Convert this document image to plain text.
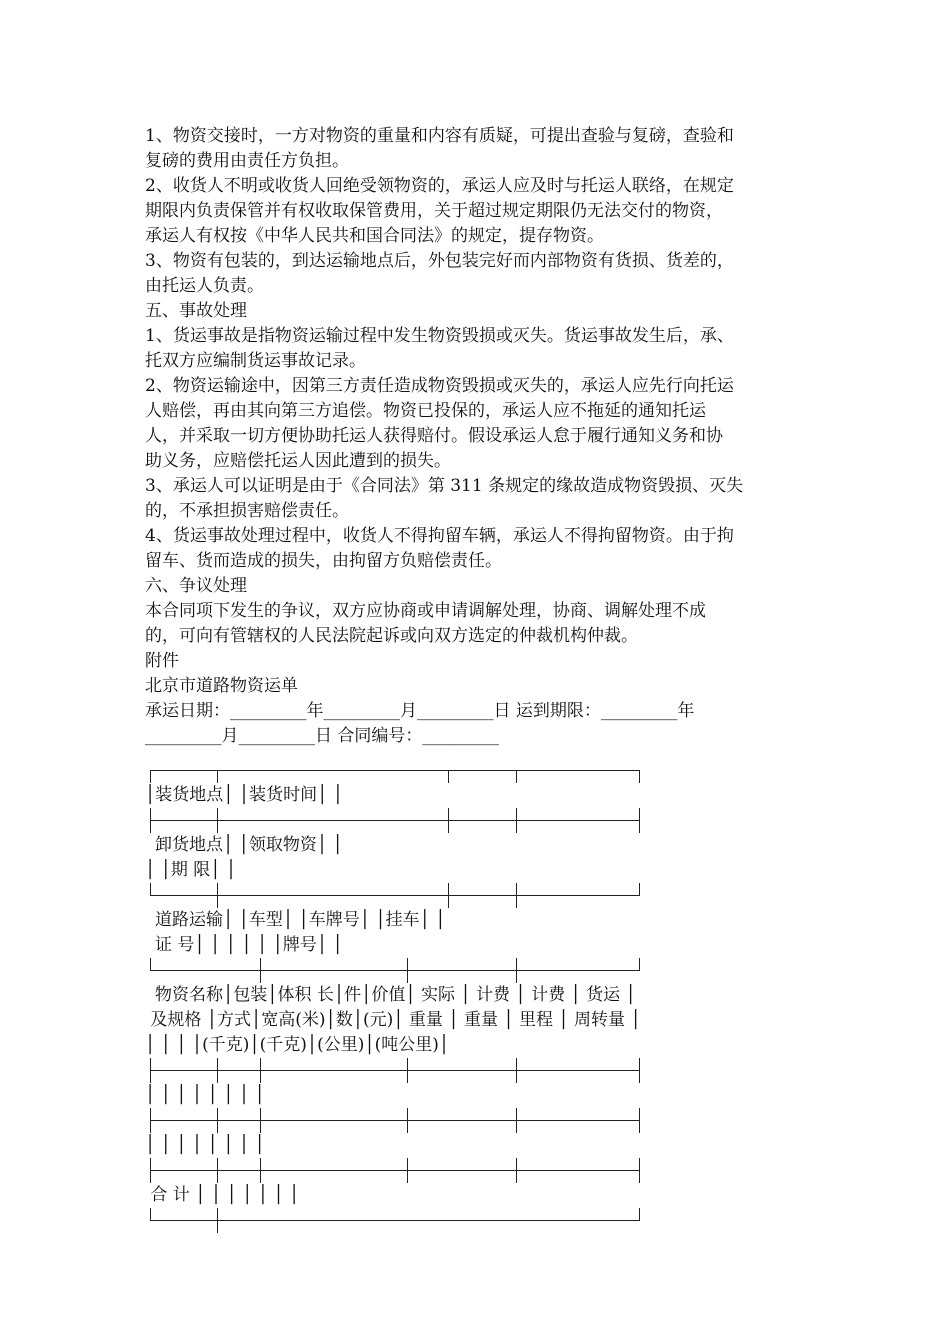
1、物资交接时，一方对物资的重量和内容有质疑，可提出查验与复磅，查验和
复磅的费用由责任方负担。
2、收货人不明或收货人回绝受领物资的，承运人应及时与托运人联络，在规定
期限内负责保管并有权收取保管费用，关于超过规定期限仍无法交付的物资，
承运人有权按《中华人民共和国合同法》的规定，提存物资。
3、物资有包装的，到达运输地点后，外包装完好而内部物资有货损、货差的，
由托运人负责。
五、事故处理
1、货运事故是指物资运输过程中发生物资毁损或灭失。货运事故发生后，承、
托双方应编制货运事故记录。
2、物资运输途中，因第三方责任造成物资毁损或灭失的，承运人应先行向托运
人赔偿，再由其向第三方追偿。物资已投保的，承运人应不拖延的通知托运
人，并采取一切方便协助托运人获得赔付。假设承运人怠于履行通知义务和协
助义务，应赔偿托运人因此遭到的损失。
3、承运人可以证明是由于《合同法》第 311 条规定的缘故造成物资毁损、灭失
的，不承担损害赔偿责任。
4、货运事故处理过程中，收货人不得拘留车辆，承运人不得拘留物资。由于拘
留车、货而造成的损失，由拘留方负赔偿责任。
六、争议处理
本合同项下发生的争议，双方应协商或申请调解处理，协商、调解处理不成
的，可向有管辖权的人民法院起诉或向双方选定的仲裁机构仲裁。
附件
北京市道路物资运单
承运日期：_________年_________月_________日 运到期限：_________年
_________月_________日 合同编号：_________
│装货地点│ │装货时间│ │
卸货地点│ │领取物资│ │
│ │期 限│ │
道路运输│ │车型│ │车牌号│ │挂车│ │
证 号│ │ │ │ │ │牌号│ │
物资名称│包装│体积 长│件│价值│ 实际 │ 计费 │ 计费 │ 货运 │
及规格 │方式│宽高(米)│数│(元)│ 重量 │ 重量 │ 里程 │ 周转量 │
│ │ │ │(千克)│(千克)│(公里)│(吨公里)│
│ │ │ │ │ │ │ │
│ │ │ │ │ │ │ │
合 计 │ │ │ │ │ │ │
